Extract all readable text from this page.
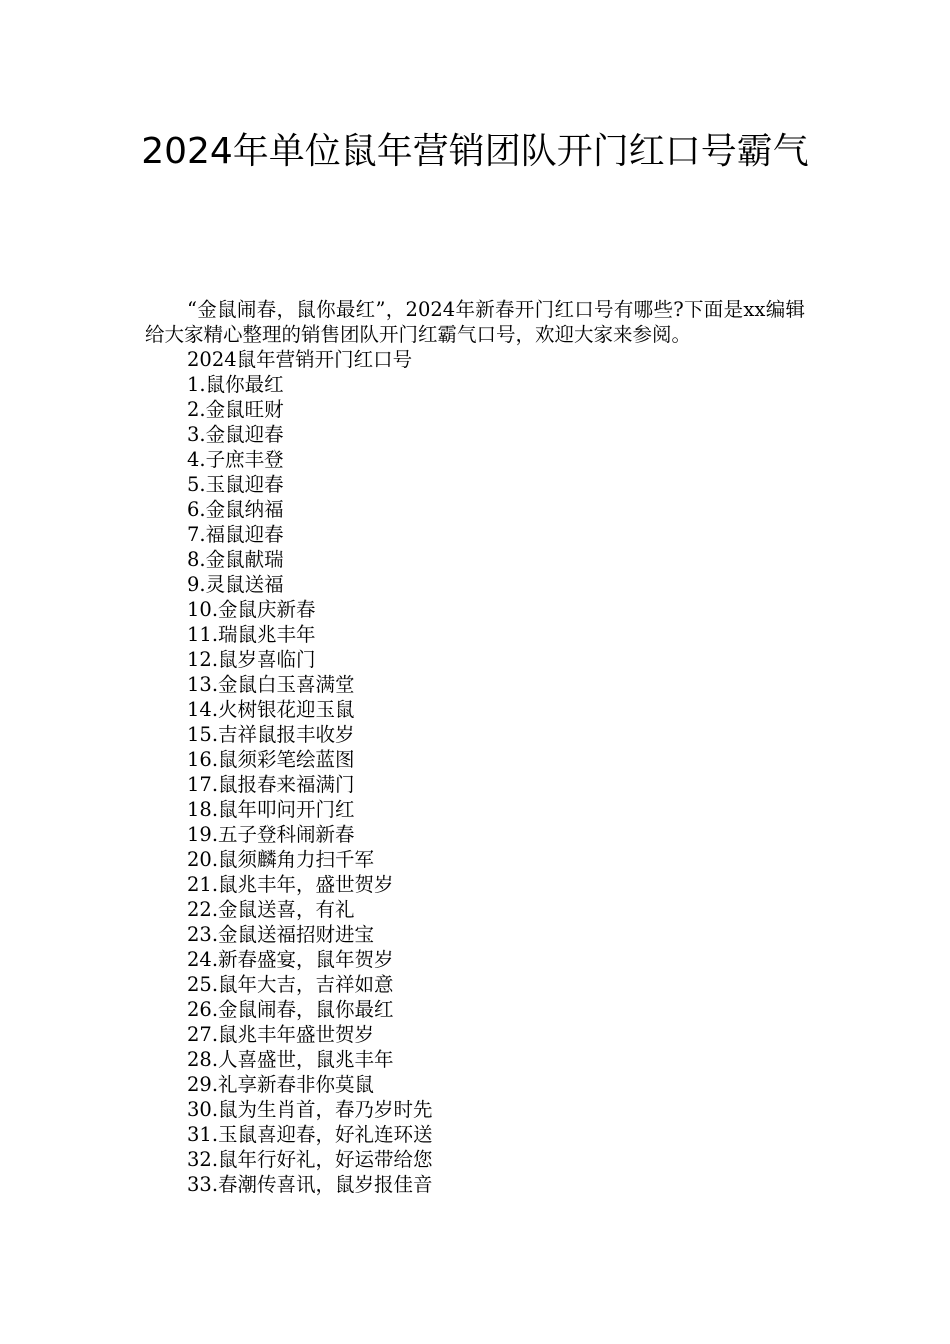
2024年单位鼠年营销团队开门红口号霸气

“金鼠闹春，鼠你最红”，2024年新春开门红口号有哪些?下面是xx编辑给大家精心整理的销售团队开门红霸气口号，欢迎大家来参阅。

2024鼠年营销开门红口号

1.鼠你最红
2.金鼠旺财
3.金鼠迎春
4.子庶丰登
5.玉鼠迎春
6.金鼠纳福
7.福鼠迎春
8.金鼠献瑞
9.灵鼠送福
10.金鼠庆新春
11.瑞鼠兆丰年
12.鼠岁喜临门
13.金鼠白玉喜满堂
14.火树银花迎玉鼠
15.吉祥鼠报丰收岁
16.鼠须彩笔绘蓝图
17.鼠报春来福满门
18.鼠年叩问开门红
19.五子登科闹新春
20.鼠须麟角力扫千军
21.鼠兆丰年，盛世贺岁
22.金鼠送喜，有礼
23.金鼠送福招财进宝
24.新春盛宴，鼠年贺岁
25.鼠年大吉，吉祥如意
26.金鼠闹春，鼠你最红
27.鼠兆丰年盛世贺岁
28.人喜盛世，鼠兆丰年
29.礼享新春非你莫鼠
30.鼠为生肖首，春乃岁时先
31.玉鼠喜迎春，好礼连环送
32.鼠年行好礼，好运带给您
33.春潮传喜讯，鼠岁报佳音
